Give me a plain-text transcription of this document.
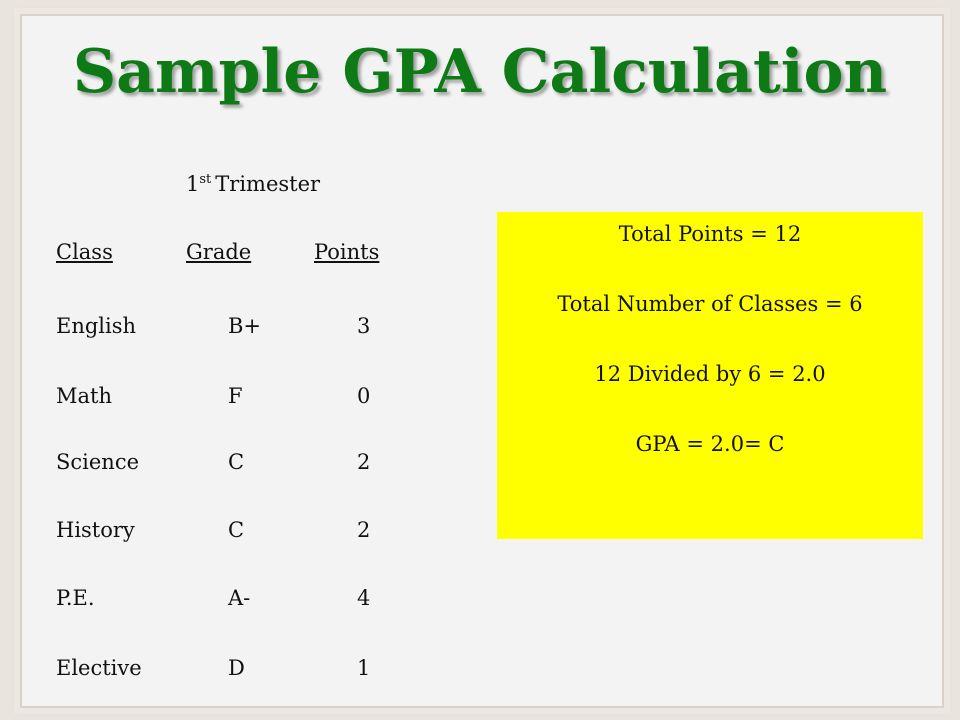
Sample GPA Calculation
1st Trimester
Class	Grade	Points
English	B+	3
Math	F	0
Science	C	2
History	C	2
P.E.	A-	4
Elective	D	1
Total Points = 12
Total Number of Classes = 6
12 Divided by 6 = 2.0
GPA = 2.0= C
